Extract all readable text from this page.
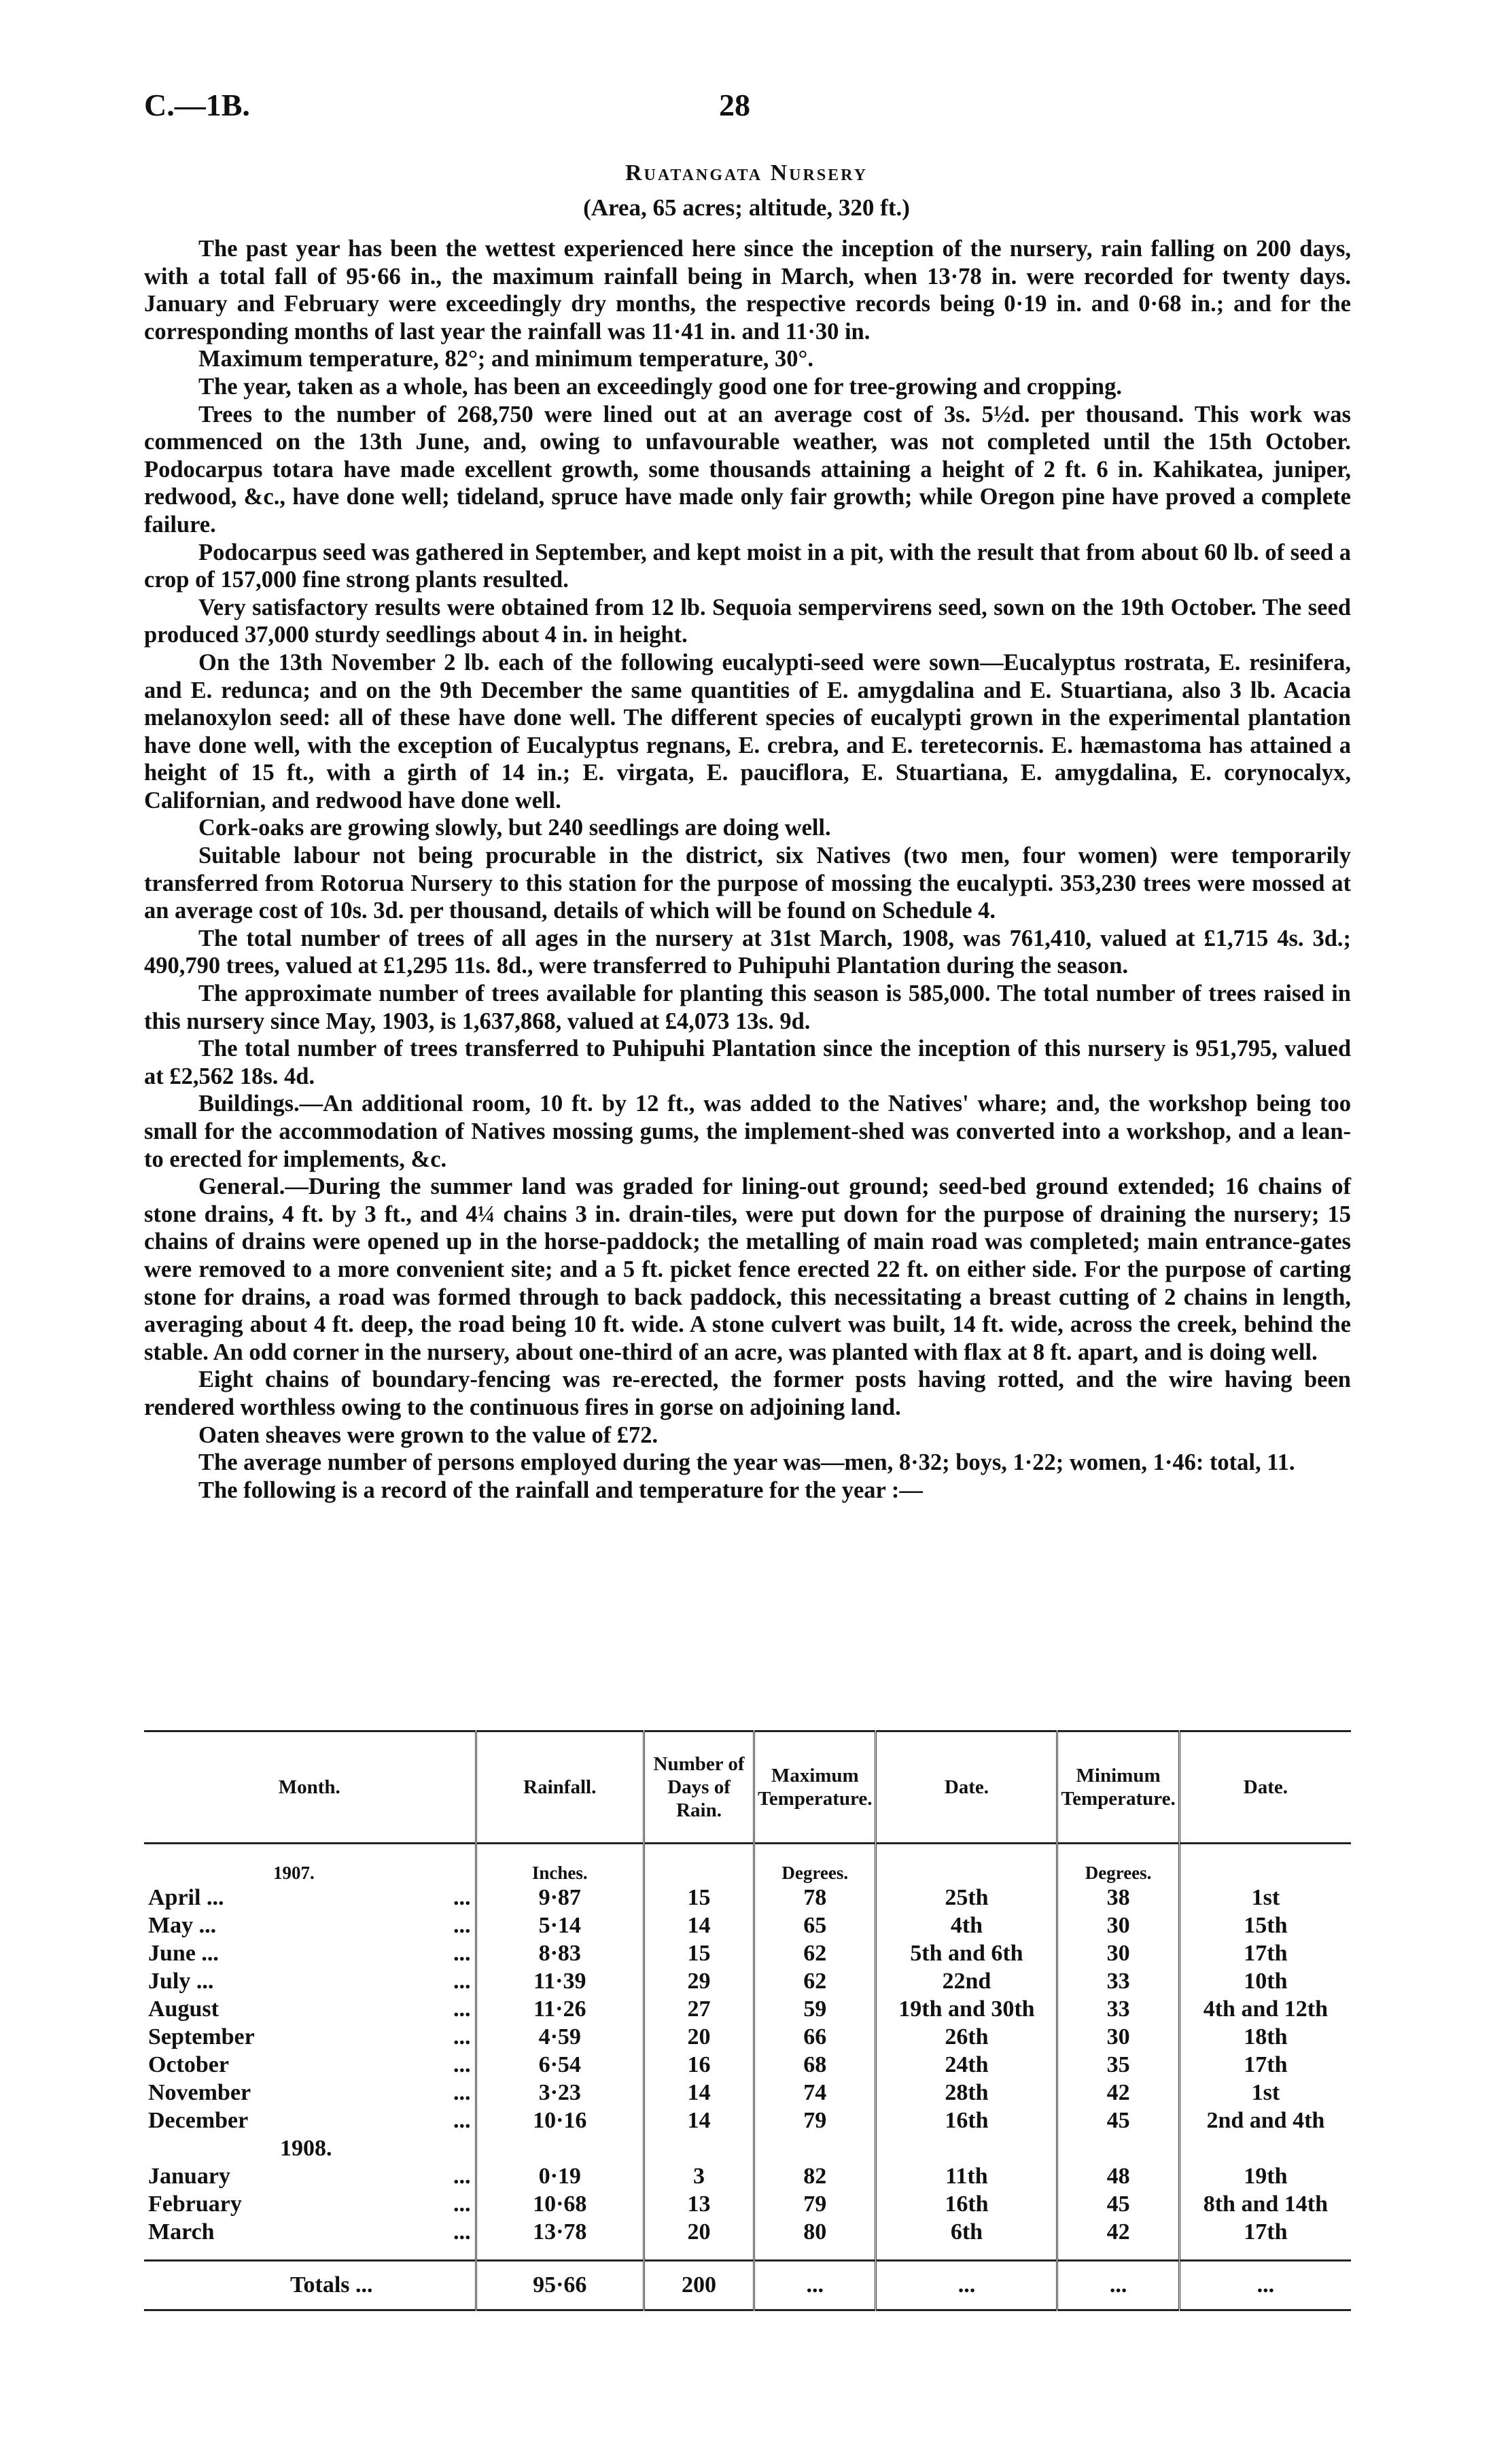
C.—1B.	28
Ruatangata Nursery
(Area, 65 acres; altitude, 320 ft.)

The past year has been the wettest experienced here since the inception of the nursery, rain falling on 200 days, with a total fall of 95·66 in., the maximum rainfall being in March, when 13·78 in. were recorded for twenty days. January and February were exceedingly dry months, the respective records being 0·19 in. and 0·68 in.; and for the corresponding months of last year the rainfall was 11·41 in. and 11·30 in.

Maximum temperature, 82°; and minimum temperature, 30°.

The year, taken as a whole, has been an exceedingly good one for tree-growing and cropping.

Trees to the number of 268,750 were lined out at an average cost of 3s. 5½d. per thousand. This work was commenced on the 13th June, and, owing to unfavourable weather, was not completed until the 15th October. Podocarpus totara have made excellent growth, some thousands attaining a height of 2 ft. 6 in. Kahikatea, juniper, redwood, &c., have done well; tideland, spruce have made only fair growth; while Oregon pine have proved a complete failure.

Podocarpus seed was gathered in September, and kept moist in a pit, with the result that from about 60 lb. of seed a crop of 157,000 fine strong plants resulted.

Very satisfactory results were obtained from 12 lb. Sequoia sempervirens seed, sown on the 19th October. The seed produced 37,000 sturdy seedlings about 4 in. in height.

On the 13th November 2 lb. each of the following eucalypti-seed were sown—Eucalyptus rostrata, E. resinifera, and E. redunca; and on the 9th December the same quantities of E. amygdalina and E. Stuartiana, also 3 lb. Acacia melanoxylon seed: all of these have done well. The different species of eucalypti grown in the experimental plantation have done well, with the exception of Eucalyptus regnans, E. crebra, and E. teretecornis. E. hæmastoma has attained a height of 15 ft., with a girth of 14 in.; E. virgata, E. pauciflora, E. Stuartiana, E. amygdalina, E. corynocalyx, Californian, and redwood have done well.

Cork-oaks are growing slowly, but 240 seedlings are doing well.

Suitable labour not being procurable in the district, six Natives (two men, four women) were temporarily transferred from Rotorua Nursery to this station for the purpose of mossing the eucalypti. 353,230 trees were mossed at an average cost of 10s. 3d. per thousand, details of which will be found on Schedule 4.

The total number of trees of all ages in the nursery at 31st March, 1908, was 761,410, valued at £1,715 4s. 3d.; 490,790 trees, valued at £1,295 11s. 8d., were transferred to Puhipuhi Plantation during the season.

The approximate number of trees available for planting this season is 585,000. The total number of trees raised in this nursery since May, 1903, is 1,637,868, valued at £4,073 13s. 9d.

The total number of trees transferred to Puhipuhi Plantation since the inception of this nursery is 951,795, valued at £2,562 18s. 4d.

Buildings.—An additional room, 10 ft. by 12 ft., was added to the Natives' whare; and, the workshop being too small for the accommodation of Natives mossing gums, the implement-shed was converted into a workshop, and a lean-to erected for implements, &c.

General.—During the summer land was graded for lining-out ground; seed-bed ground extended; 16 chains of stone drains, 4 ft. by 3 ft., and 4¼ chains 3 in. drain-tiles, were put down for the purpose of draining the nursery; 15 chains of drains were opened up in the horse-paddock; the metalling of main road was completed; main entrance-gates were removed to a more convenient site; and a 5 ft. picket fence erected 22 ft. on either side. For the purpose of carting stone for drains, a road was formed through to back paddock, this necessitating a breast cutting of 2 chains in length, averaging about 4 ft. deep, the road being 10 ft. wide. A stone culvert was built, 14 ft. wide, across the creek, behind the stable. An odd corner in the nursery, about one-third of an acre, was planted with flax at 8 ft. apart, and is doing well.

Eight chains of boundary-fencing was re-erected, the former posts having rotted, and the wire having been rendered worthless owing to the continuous fires in gorse on adjoining land.

Oaten sheaves were grown to the value of £72.

The average number of persons employed during the year was—men, 8·32; boys, 1·22; women, 1·46: total, 11.

The following is a record of the rainfall and temperature for the year :—

Month.	Rainfall.	Number of Days of Rain.	Maximum Temperature.	Date.	Minimum Temperature.	Date.

1907.	Inches.		Degrees.		Degrees.	

April ... ...	9·87	15	78	25th	38	1st

May ... ...	5·14	14	65	4th	30	15th

June ... ...	8·83	15	62	5th and 6th	30	17th

July ... ...	11·39	29	62	22nd	33	10th

August ...	11·26	27	59	19th and 30th	33	4th and 12th

September ...	4·59	20	66	26th	30	18th

October ...	6·54	16	68	24th	35	17th

November ...	3·23	14	74	28th	42	1st

December ...	10·16	14	79	16th	45	2nd and 4th
1908.						

January ...	0·19	3	82	11th	48	19th

February ...	10·68	13	79	16th	45	8th and 14th

March ...	13·78	20	80	6th	42	17th

Totals ...	95·66	200	...	...	...	...
